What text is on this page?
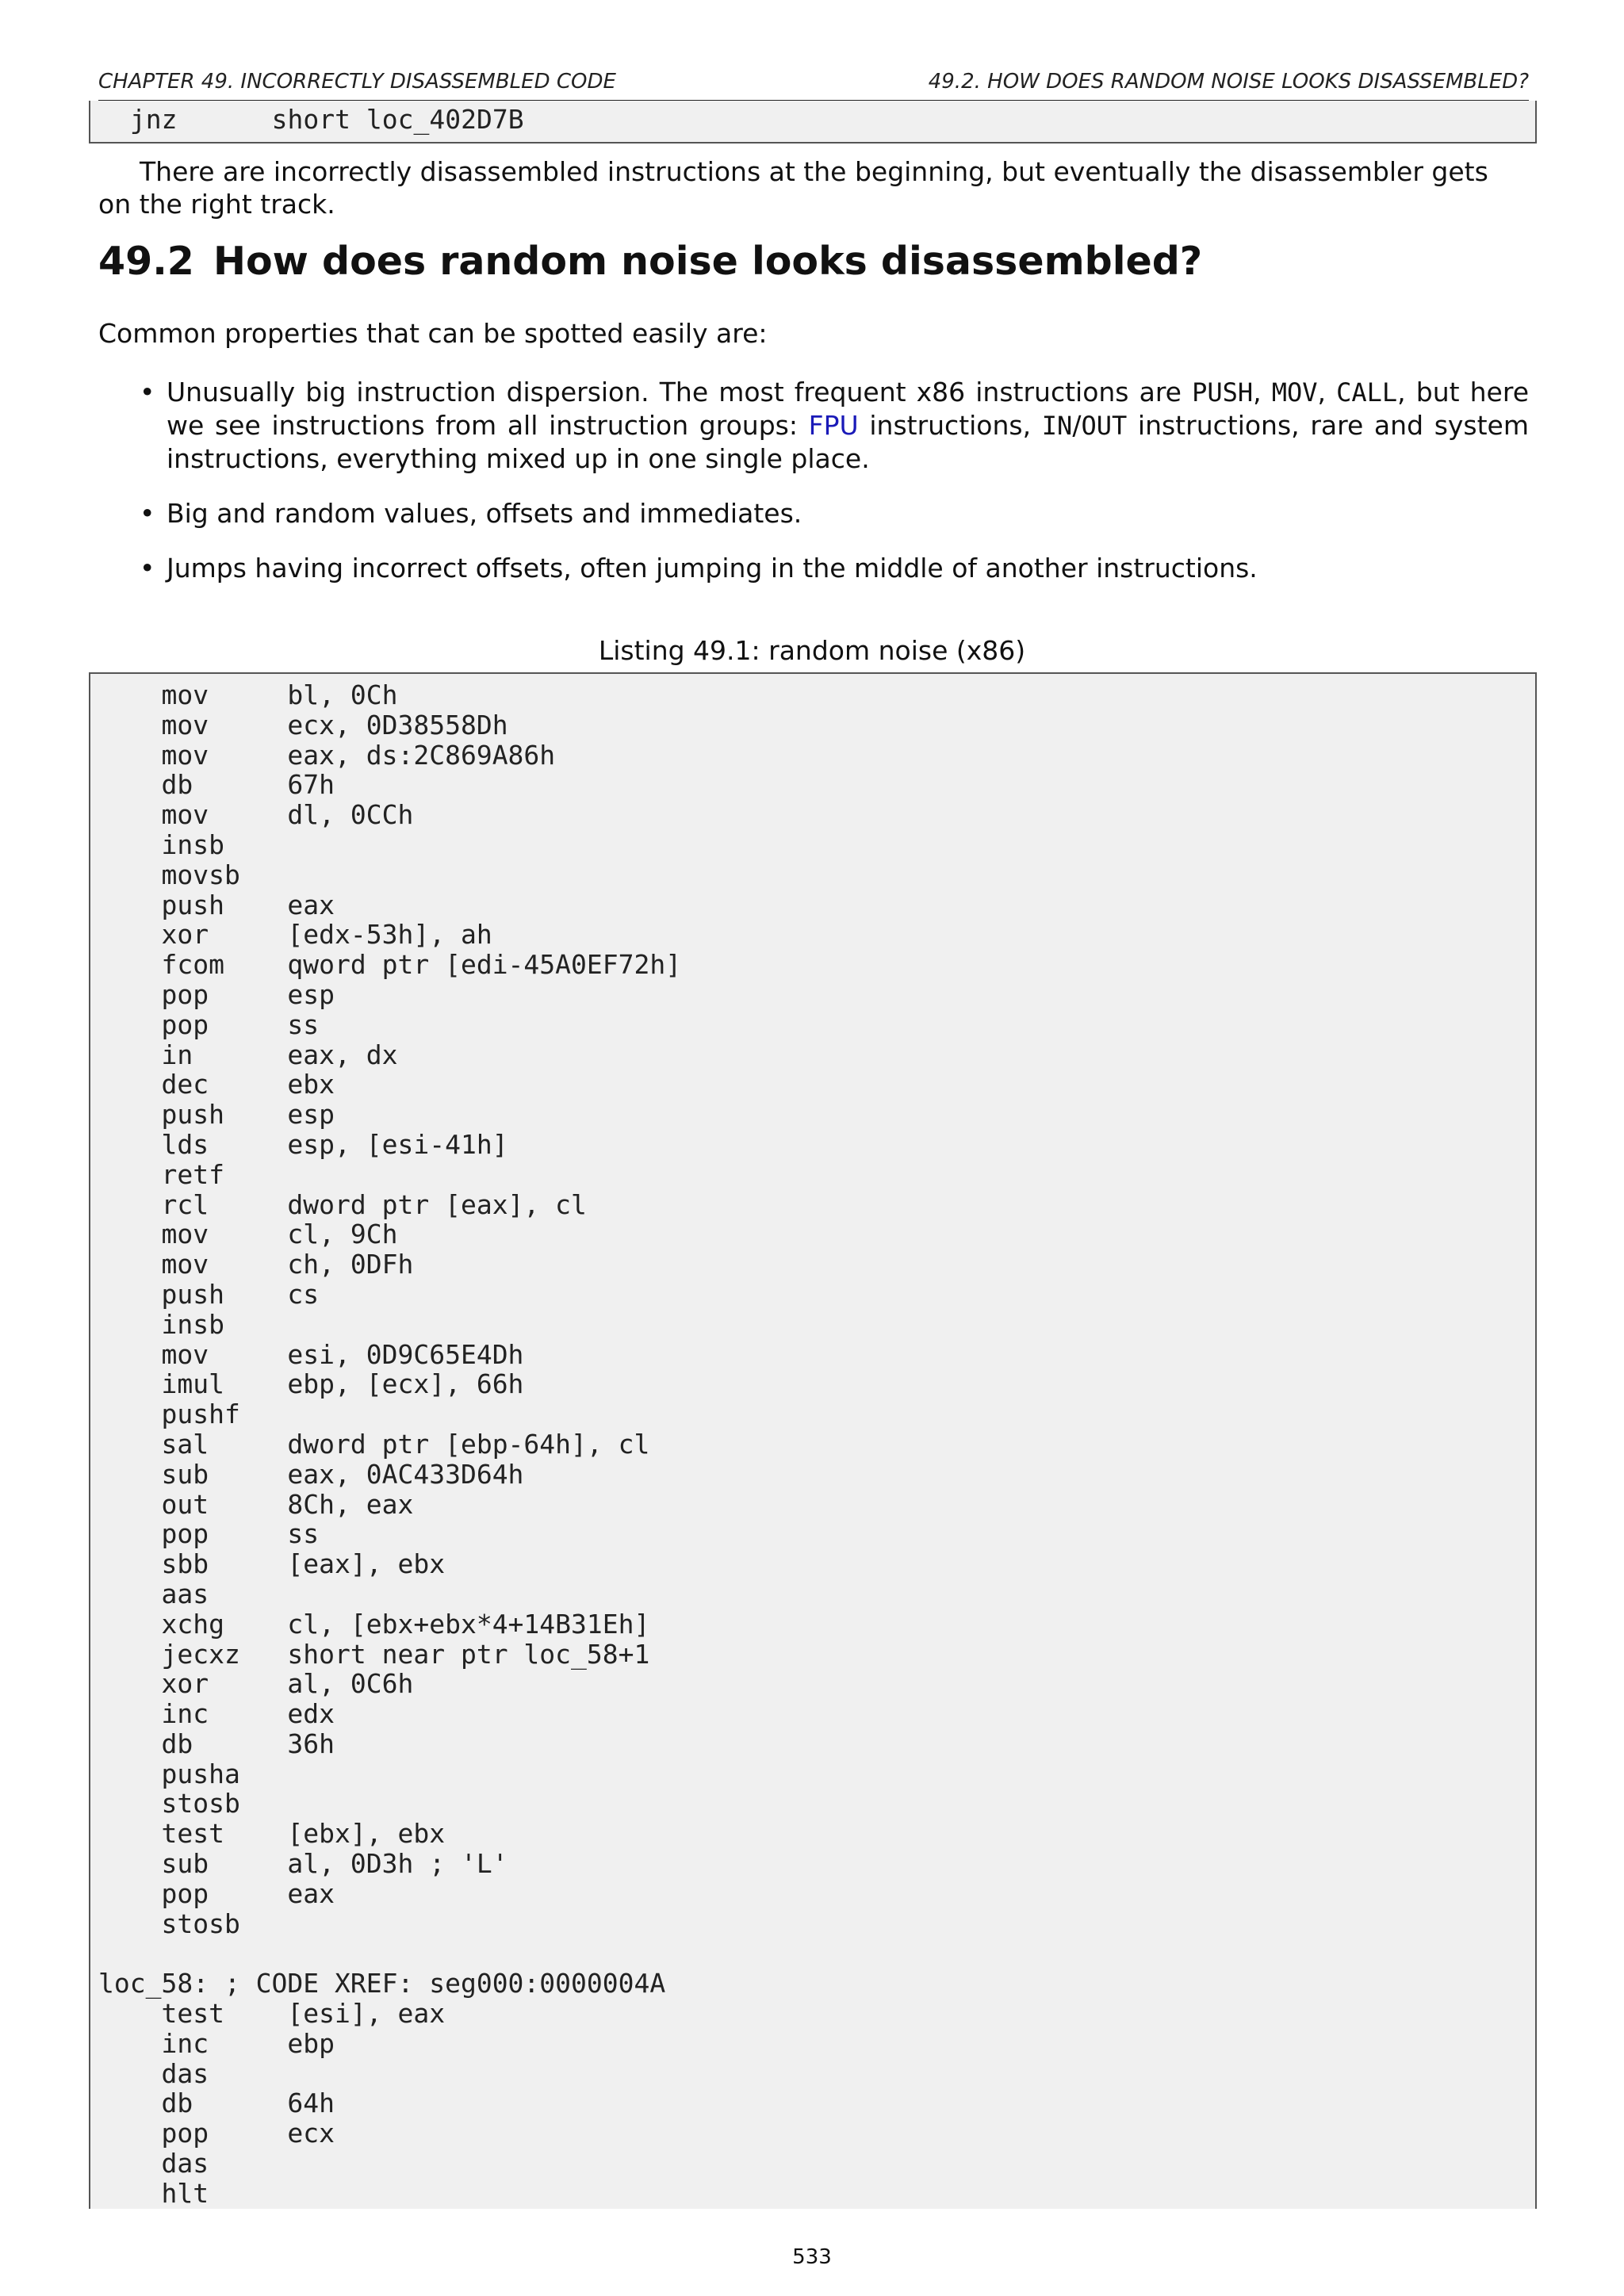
CHAPTER 49. INCORRECTLY DISASSEMBLED CODE	49.2. HOW DOES RANDOM NOISE LOOKS DISASSEMBLED?
jnz      short loc_402D7B
There are incorrectly disassembled instructions at the beginning, but eventually the disassembler gets on the right track.
49.2 How does random noise looks disassembled?
Common properties that can be spotted easily are:
• Unusually big instruction dispersion. The most frequent x86 instructions are PUSH, MOV, CALL, but here we see instructions from all instruction groups: FPU instructions, IN/OUT instructions, rare and system instructions, everything mixed up in one single place.
• Big and random values, offsets and immediates.
• Jumps having incorrect offsets, often jumping in the middle of another instructions.
Listing 49.1: random noise (x86)
mov     bl, 0Ch
mov     ecx, 0D38558Dh
mov     eax, ds:2C869A86h
db      67h
mov     dl, 0CCh
insb
movsb
push    eax
xor     [edx-53h], ah
fcom    qword ptr [edi-45A0EF72h]
pop     esp
pop     ss
in      eax, dx
dec     ebx
push    esp
lds     esp, [esi-41h]
retf
rcl     dword ptr [eax], cl
mov     cl, 9Ch
mov     ch, 0DFh
push    cs
insb
mov     esi, 0D9C65E4Dh
imul    ebp, [ecx], 66h
pushf
sal     dword ptr [ebp-64h], cl
sub     eax, 0AC433D64h
out     8Ch, eax
pop     ss
sbb     [eax], ebx
aas
xchg    cl, [ebx+ebx*4+14B31Eh]
jecxz   short near ptr loc_58+1
xor     al, 0C6h
inc     edx
db      36h
pusha
stosb
test    [ebx], ebx
sub     al, 0D3h ; 'L'
pop     eax
stosb

loc_58: ; CODE XREF: seg000:0000004A
test    [esi], eax
inc     ebp
das
db      64h
pop     ecx
das
hlt
533
